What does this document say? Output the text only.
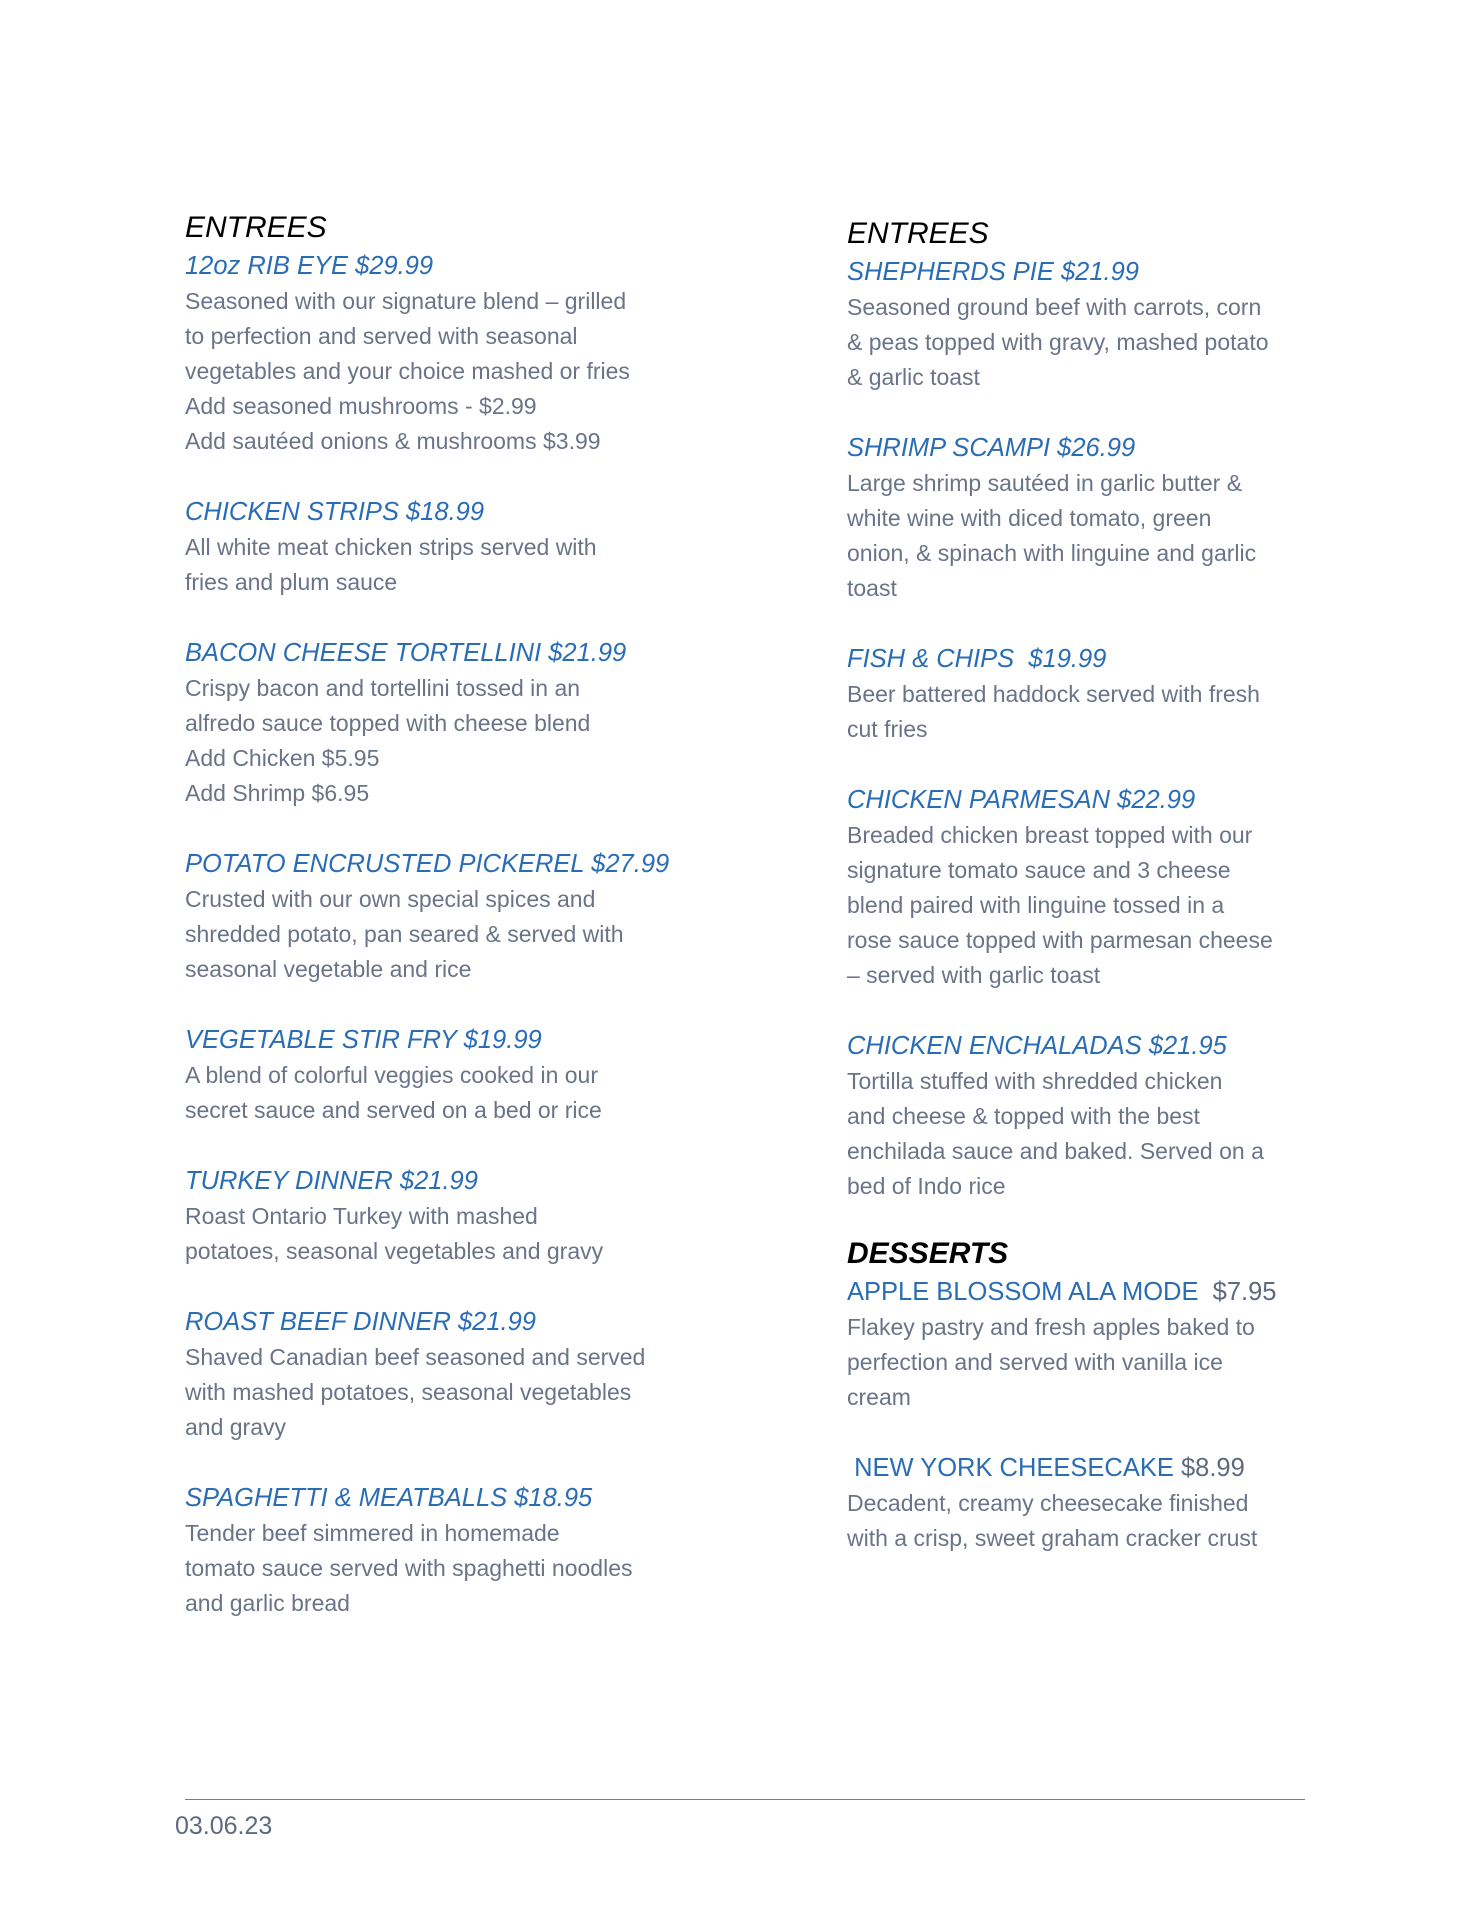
ENTREES
12oz RIB EYE $29.99
Seasoned with our signature blend – grilled
to perfection and served with seasonal
vegetables and your choice mashed or fries
Add seasoned mushrooms - $2.99
Add sautéed onions & mushrooms $3.99
CHICKEN STRIPS $18.99
All white meat chicken strips served with
fries and plum sauce
BACON CHEESE TORTELLINI $21.99
Crispy bacon and tortellini tossed in an
alfredo sauce topped with cheese blend
Add Chicken $5.95
Add Shrimp $6.95
POTATO ENCRUSTED PICKEREL $27.99
Crusted with our own special spices and
shredded potato, pan seared & served with
seasonal vegetable and rice
VEGETABLE STIR FRY $19.99
A blend of colorful veggies cooked in our
secret sauce and served on a bed or rice
TURKEY DINNER $21.99
Roast Ontario Turkey with mashed
potatoes, seasonal vegetables and gravy
ROAST BEEF DINNER $21.99
Shaved Canadian beef seasoned and served
with mashed potatoes, seasonal vegetables
and gravy
SPAGHETTI & MEATBALLS $18.95
Tender beef simmered in homemade
tomato sauce served with spaghetti noodles
and garlic bread
ENTREES
SHEPHERDS PIE $21.99
Seasoned ground beef with carrots, corn
& peas topped with gravy, mashed potato
& garlic toast
SHRIMP SCAMPI $26.99
Large shrimp sautéed in garlic butter &
white wine with diced tomato, green
onion, & spinach with linguine and garlic
toast
FISH & CHIPS  $19.99
Beer battered haddock served with fresh
cut fries
CHICKEN PARMESAN $22.99
Breaded chicken breast topped with our
signature tomato sauce and 3 cheese
blend paired with linguine tossed in a
rose sauce topped with parmesan cheese
– served with garlic toast
CHICKEN ENCHALADAS $21.95
Tortilla stuffed with shredded chicken
and cheese & topped with the best
enchilada sauce and baked. Served on a
bed of Indo rice
DESSERTS
APPLE BLOSSOM ALA MODE $7.95
Flakey pastry and fresh apples baked to
perfection and served with vanilla ice
cream
NEW YORK CHEESECAKE $8.99
Decadent, creamy cheesecake finished
with a crisp, sweet graham cracker crust
03.06.23
